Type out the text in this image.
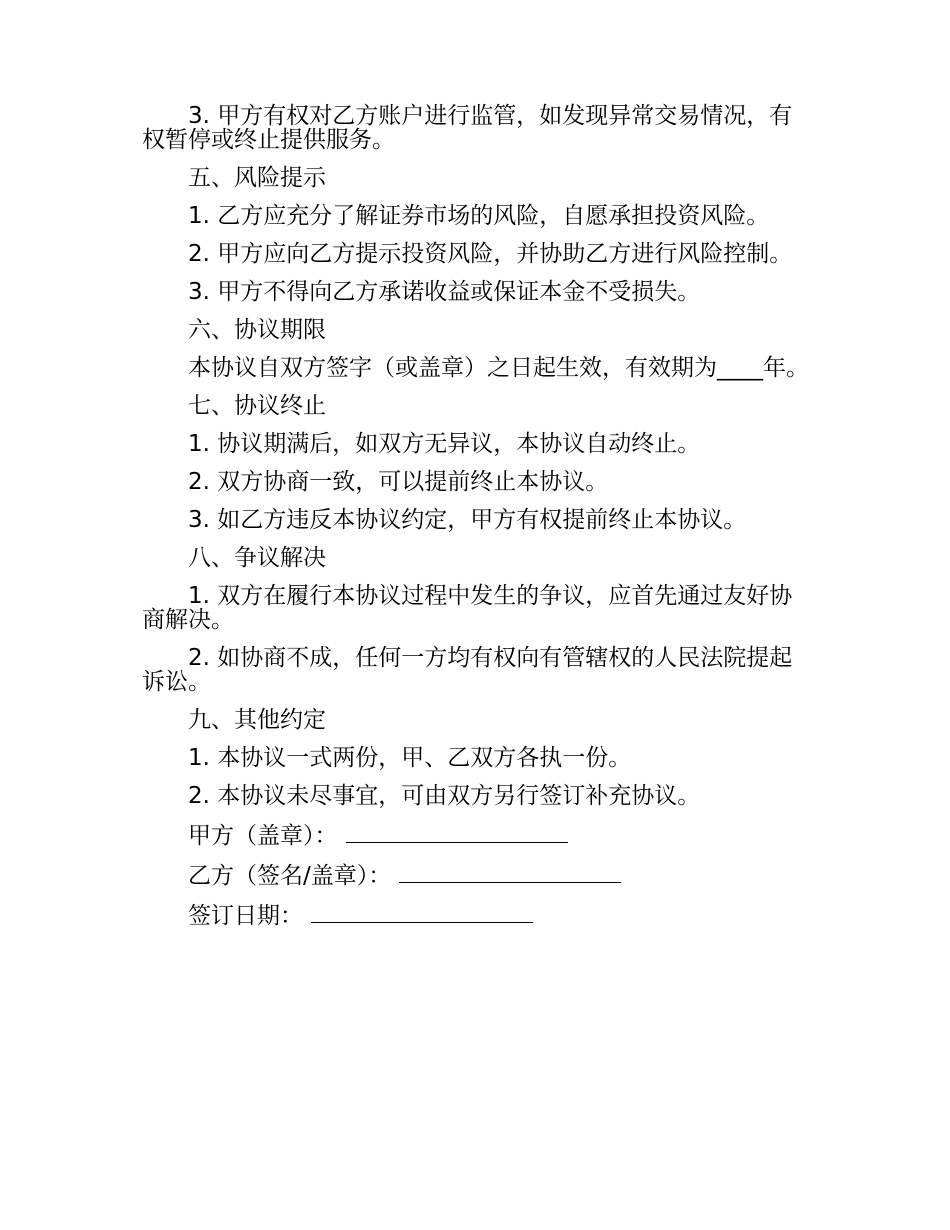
3. 甲方有权对乙方账户进行监管，如发现异常交易情况，有权暂停或终止提供服务。

五、风险提示

1. 乙方应充分了解证券市场的风险，自愿承担投资风险。

2. 甲方应向乙方提示投资风险，并协助乙方进行风险控制。

3. 甲方不得向乙方承诺收益或保证本金不受损失。

六、协议期限

本协议自双方签字（或盖章）之日起生效，有效期为____年。

七、协议终止

1. 协议期满后，如双方无异议，本协议自动终止。

2. 双方协商一致，可以提前终止本协议。

3. 如乙方违反本协议约定，甲方有权提前终止本协议。

八、争议解决

1. 双方在履行本协议过程中发生的争议，应首先通过友好协商解决。

2. 如协商不成，任何一方均有权向有管辖权的人民法院提起诉讼。

九、其他约定

1. 本协议一式两份，甲、乙双方各执一份。

2. 本协议未尽事宜，可由双方另行签订补充协议。

甲方（盖章）：
乙方（签名/盖章）：
签订日期：
